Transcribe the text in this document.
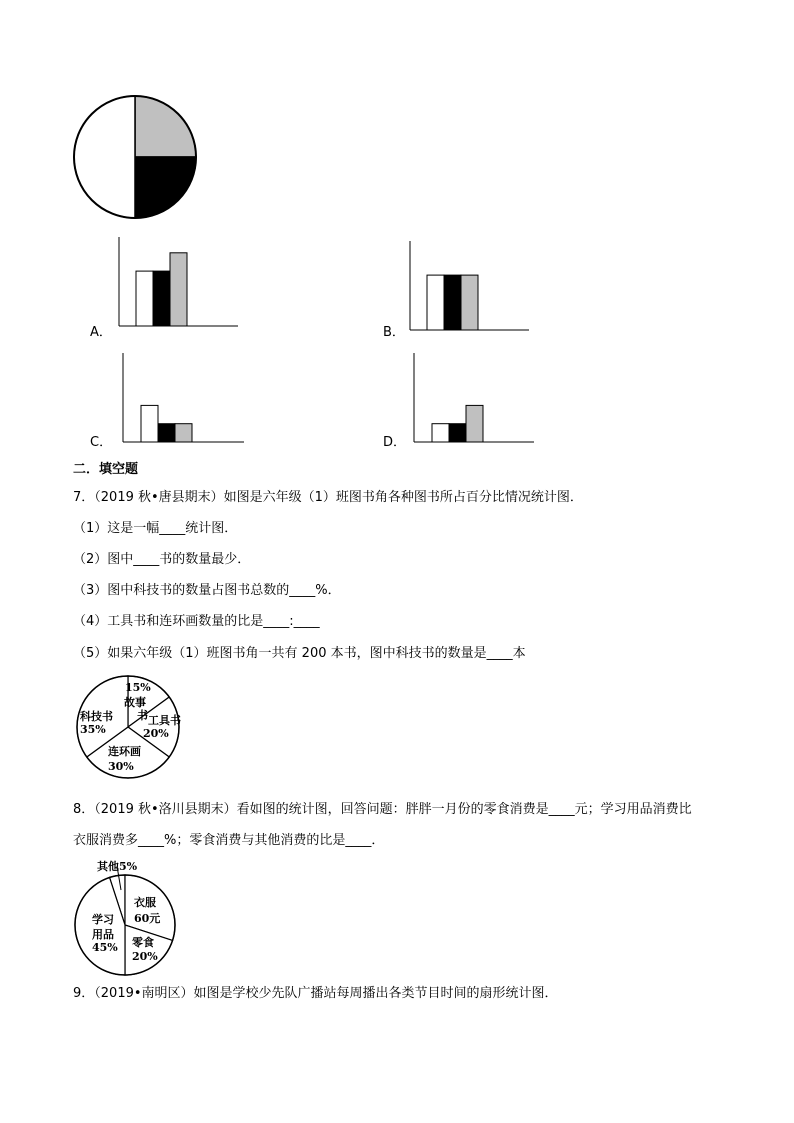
A．	B．
C．	D．
二．填空题
7．（2019 秋•唐县期末）如图是六年级（1）班图书角各种图书所占百分比情况统计图．
（1）这是一幅____统计图．
（2）图中____书的数量最少．
（3）图中科技书的数量占图书总数的____%．
（4）工具书和连环画数量的比是____:____
（5）如果六年级（1）班图书角一共有 200 本书，图中科技书的数量是____本
15%
故事
书 工具书
20%
科技书
35%
连环画
30%
8．（2019 秋•洛川县期末）看如图的统计图，回答问题：胖胖一月份的零食消费是____元；学习用品消费比
衣服消费多____%；零食消费与其他消费的比是____．
其他5%
衣服
60元
学习
用品
45% 零食
20%
9．（2019•南明区）如图是学校少先队广播站每周播出各类节目时间的扇形统计图．
